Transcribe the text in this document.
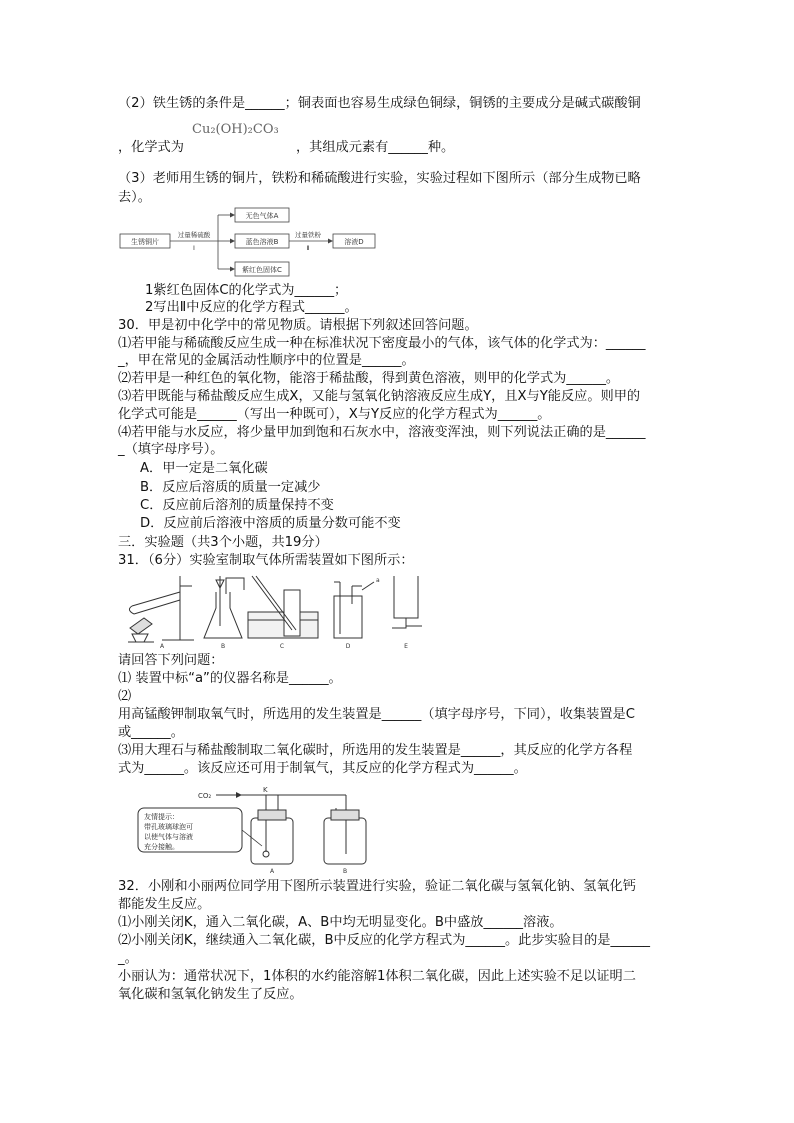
（2）铁生锈的条件是______；铜表面也容易生成绿色铜绿，铜锈的主要成分是碱式碳酸铜
Cu₂(OH)₂CO₃
，化学式为	，其组成元素有______种。
（3）老师用生锈的铜片，铁粉和稀硫酸进行实验，实验过程如下图所示（部分生成物已略
去）。
生锈铜片
过量稀硫酸
Ⅰ
无色气体A
蓝色溶液B
紫红色固体C
过量铁粉
Ⅱ
溶液D
1紫红色固体C的化学式为______；
2写出Ⅱ中反应的化学方程式______。
30．甲是初中化学中的常见物质。请根据下列叙述回答问题。
⑴若甲能与稀硫酸反应生成一种在标准状况下密度最小的气体，该气体的化学式为：______
_，甲在常见的金属活动性顺序中的位置是______。
⑵若甲是一种红色的氧化物，能溶于稀盐酸，得到黄色溶液，则甲的化学式为______。
⑶若甲既能与稀盐酸反应生成X，又能与氢氧化钠溶液反应生成Y，且X与Y能反应。则甲的
化学式可能是______（写出一种既可），X与Y反应的化学方程式为______。
⑷若甲能与水反应，将少量甲加到饱和石灰水中，溶液变浑浊，则下列说法正确的是______
_（填字母序号）。
A．甲一定是二氧化碳
B．反应后溶质的质量一定减少
C．反应前后溶剂的质量保持不变
D．反应前后溶液中溶质的质量分数可能不变
三．实验题（共3个小题，共19分）
31．（6分）实验室制取气体所需装置如下图所示：
A	B	C
a
D	E
请回答下列问题：
⑴ 装置中标“a”的仪器名称是______。
⑵
用高锰酸钾制取氧气时，所选用的发生装置是______（填字母序号，下同），收集装置是C
或______。
⑶用大理石与稀盐酸制取二氧化碳时，所选用的发生装置是______，其反应的化学方各程
式为______。该反应还可用于制氧气，其反应的化学方程式为______。
CO₂
K
A	B
友情提示：
带孔玻璃球泡可
以使气体与溶液
充分接触。
32．小刚和小丽两位同学用下图所示装置进行实验，验证二氧化碳与氢氧化钠、氢氧化钙
都能发生反应。
⑴小刚关闭K，通入二氧化碳，A、B中均无明显变化。B中盛放______溶液。
⑵小刚关闭K，继续通入二氧化碳，B中反应的化学方程式为______。此步实验目的是______
_。
小丽认为：通常状况下，1体积的水约能溶解1体积二氧化碳，因此上述实验不足以证明二
氧化碳和氢氧化钠发生了反应。
